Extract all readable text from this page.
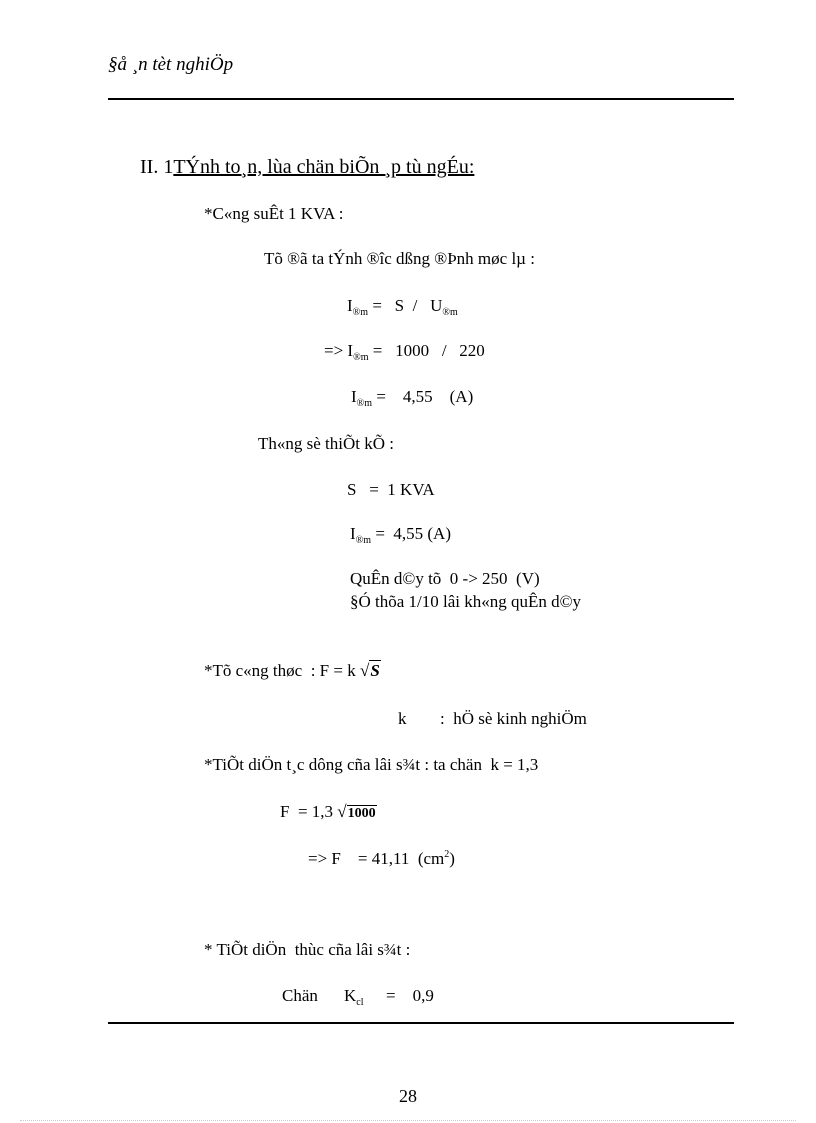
§å ¸n tèt nghiÖp
II. 1TÝnh to¸n, lùa chän biÕn ¸p tù ngÉu:
*C«ng suÊt 1 KVA :
Tõ ®ã ta tÝnh ®îc dßng ®Þnh møc lµ :
$I_{®m} = S / U_{®m}$
=> $I_{®m} = 1000 / 220$
$I_{®m}$ =    4,55    (A)
Th«ng sè thiÕt kÕ :
S   =  1 KVA
$I_{®m} = 4,55$ (A)
QuÊn d©y tõ  0 -> 250  (V)
§Ó thõa 1/10 lâi kh«ng quÊn d©y
*Tõ c«ng thøc  : F = k √S
k :  hÖ sè kinh nghiÖm
*TiÕt diÖn t¸c dông cña lâi s¾t : ta chän  k = 1,3
F  = 1,3 √1000
=> F    = 41,11  $(cm^2)$
* TiÕt diÖn  thùc cña lâi s¾t :
Chän $K_{cl}$ =    0,9
28
